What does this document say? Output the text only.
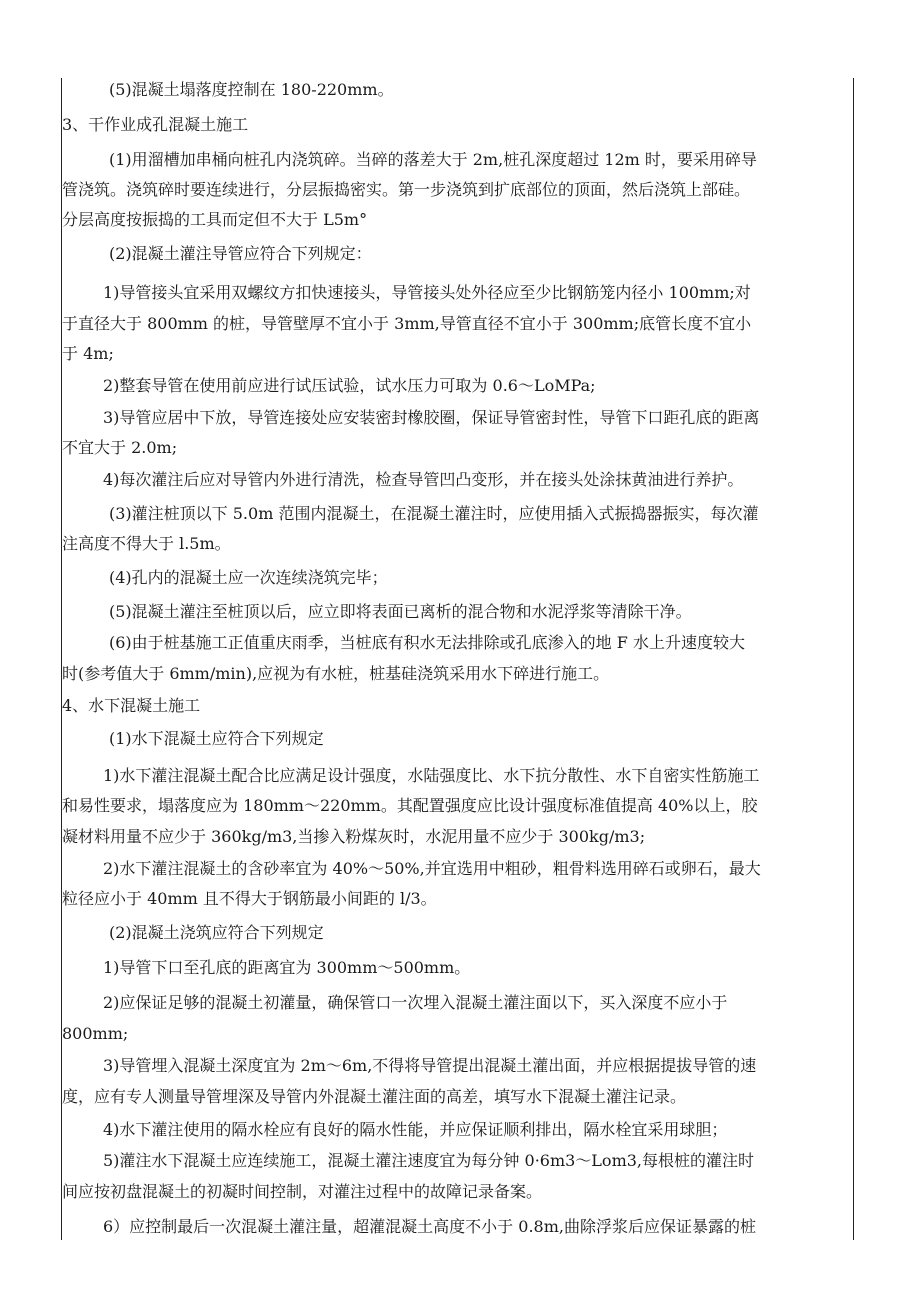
(5)混凝土塌落度控制在 180-220mm。
3、干作业成孔混凝土施工
(1)用溜槽加串桶向桩孔内浇筑碎。当碎的落差大于 2m,桩孔深度超过 12m 时，要采用碎导
管浇筑。浇筑碎时要连续进行，分层振捣密实。第一步浇筑到扩底部位的顶面，然后浇筑上部硅。
分层高度按振捣的工具而定但不大于 L5m°
(2)混凝土灌注导管应符合下列规定：
1)导管接头宜采用双螺纹方扣快速接头，导管接头处外径应至少比钢筋笼内径小 100mm;对
于直径大于 800mm 的桩，导管壁厚不宜小于 3mm,导管直径不宜小于 300mm;底管长度不宜小
于 4m;
2)整套导管在使用前应进行试压试验，试水压力可取为 0.6～LoMPa;
3)导管应居中下放，导管连接处应安装密封橡胶圈，保证导管密封性，导管下口距孔底的距离
不宜大于 2.0m;
4)每次灌注后应对导管内外进行清洗，检查导管凹凸变形，并在接头处涂抹黄油进行养护。
(3)灌注桩顶以下 5.0m 范围内混凝土，在混凝土灌注时，应使用插入式振捣器振实，每次灌
注高度不得大于 l.5m。
(4)孔内的混凝土应一次连续浇筑完毕；
(5)混凝土灌注至桩顶以后，应立即将表面已离析的混合物和水泥浮浆等清除干净。
(6)由于桩基施工正值重庆雨季，当桩底有积水无法排除或孔底渗入的地 F 水上升速度较大
时(参考值大于 6mm/min),应视为有水桩，桩基硅浇筑采用水下碎进行施工。
4、水下混凝土施工
(1)水下混凝土应符合下列规定
1)水下灌注混凝土配合比应满足设计强度，水陆强度比、水下抗分散性、水下自密实性筋施工
和易性要求，塌落度应为 180mm～220mm。其配置强度应比设计强度标准值提高 40%以上，胶
凝材料用量不应少于 360kg/m3,当掺入粉煤灰时，水泥用量不应少于 300kg/m3;
2)水下灌注混凝土的含砂率宜为 40%～50%,并宜选用中粗砂，粗骨料选用碎石或卵石，最大
粒径应小于 40mm 且不得大于钢筋最小间距的 l/3。
(2)混凝土浇筑应符合下列规定
1)导管下口至孔底的距离宜为 300mm～500mm。
2)应保证足够的混凝土初灌量，确保管口一次埋入混凝土灌注面以下，买入深度不应小于
800mm;
3)导管埋入混凝土深度宜为 2m～6m,不得将导管提出混凝土灌出面，并应根据提拔导管的速
度，应有专人测量导管埋深及导管内外混凝土灌注面的高差，填写水下混凝土灌注记录。
4)水下灌注使用的隔水栓应有良好的隔水性能，并应保证顺利排出，隔水栓宜采用球胆；
5)灌注水下混凝土应连续施工，混凝土灌注速度宜为每分钟 0·6m3～Lom3,每根桩的灌注时
间应按初盘混凝土的初凝时间控制，对灌注过程中的故障记录备案。
6）应控制最后一次混凝土灌注量，超灌混凝土高度不小于 0.8m,曲除浮浆后应保证暴露的桩
